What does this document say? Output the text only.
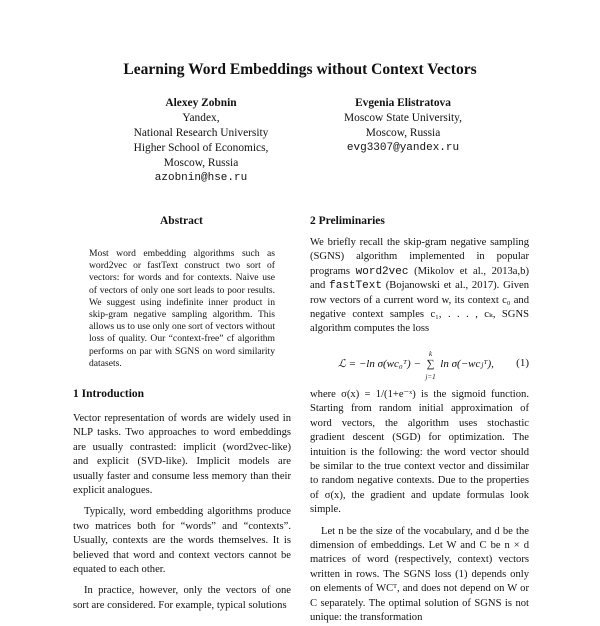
Learning Word Embeddings without Context Vectors
Alexey Zobnin
Yandex,
National Research University
Higher School of Economics,
Moscow, Russia
azobnin@hse.ru
Evgenia Elistratova
Moscow State University,
Moscow, Russia
evg3307@yandex.ru
Abstract

Most word embedding algorithms such as word2vec or fastText construct two sort of vectors: for words and for contexts. Naive use of vectors of only one sort leads to poor results. We suggest using indefinite inner product in skip-gram negative sampling algorithm. This allows us to use only one sort of vectors without loss of quality. Our “context-free” cf algorithm performs on par with SGNS on word similarity datasets.

1 Introduction

Vector representation of words are widely used in NLP tasks. Two approaches to word embeddings are usually contrasted: implicit (word2vec-like) and explicit (SVD-like). Implicit models are usually faster and consume less memory than their explicit analogues.

Typically, word embedding algorithms produce two matrices both for “words” and “contexts”. Usually, contexts are the words themselves. It is believed that word and context vectors cannot be equated to each other.

In practice, however, only the vectors of one sort are considered. For example, typical solutions

2 Preliminaries

We briefly recall the skip-gram negative sampling (SGNS) algorithm implemented in popular programs word2vec (Mikolov et al., 2013a,b) and fastText (Bojanowski et al., 2017). Given row vectors of a current word w, its context c₀ and negative context samples c₁, . . . , cₖ, SGNS algorithm computes the loss

ℒ = −ln σ(wc₀ᵀ) −
k
∑
j=1
ln σ(−wcⱼᵀ), (1)

where σ(x) = 1/(1+e⁻ˣ) is the sigmoid function. Starting from random initial approximation of word vectors, the algorithm uses stochastic gradient descent (SGD) for optimization. The intuition is the following: the word vector should be similar to the true context vector and dissimilar to random negative contexts. Due to the properties of σ(x), the gradient and update formulas look simple.

Let n be the size of the vocabulary, and d be the dimension of embeddings. Let W and C be n × d matrices of word (respectively, context) vectors written in rows. The SGNS loss (1) depends only on elements of WCᵀ, and does not depend on W or C separately. The optimal solution of SGNS is not unique: the transformation
